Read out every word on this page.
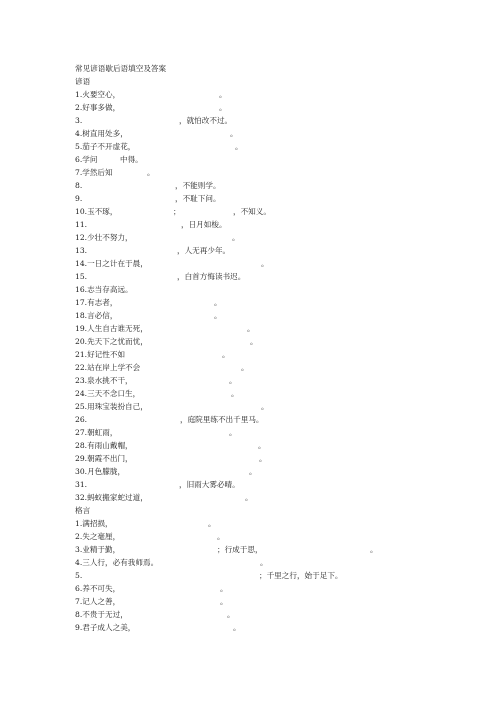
常见谚语歇后语填空及答案
谚语
1.火要空心，	。
2.好事多做，	。
3.	，就怕改不过。
4.树直用处多，	。
5.茄子不开虚花，	。
6.学问	中得。
7.学然后知	。
8.	，不能则学。
9.	，不耻下问。
10.玉不琢，	；	，不知义。
11.	，日月如梭。
12.少壮不努力，	。
13.	，人无再少年。
14.一日之计在于晨，	。
15.	，白首方悔读书迟。
16.志当存高远。
17.有志者，	。
18.言必信，	。
19.人生自古谁无死，	。
20.先天下之忧而忧，	。
21.好记性不如	。
22.站在岸上学不会	。
23.泉水挑不干，	。
24.三天不念口生，	。
25.用珠宝装扮自己，	。
26.	，庭院里练不出千里马。
27.朝虹雨，	。
28.有雨山戴帽，	。
29.朝霞不出门，	。
30.月色朦胧，	。
31.	，旧雨大雾必晴。
32.蚂蚁搬家蛇过道，	。
格言
1.满招损，	。
2.失之毫厘，	。
3.业精于勤，	；行成于思，	。
4.三人行，必有我师焉。	。
5.	；千里之行，始于足下。
6.养不可失，	。
7.记人之善，	。
8.不贵于无过，	。
9.君子成人之美，	。
